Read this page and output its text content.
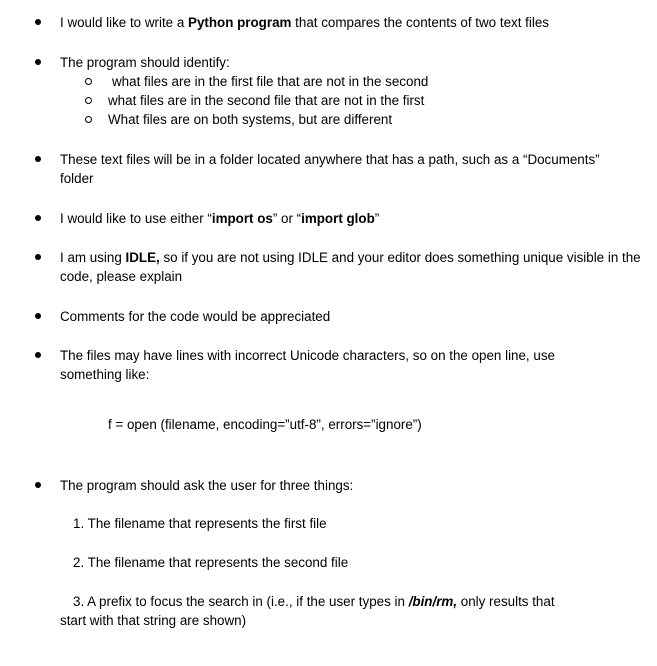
I would like to write a Python program that compares the contents of two text files
The program should identify:
what files are in the first file that are not in the second
what files are in the second file that are not in the first
What files are on both systems, but are different
These text files will be in a folder located anywhere that has a path, such as a “Documents”
folder
I would like to use either “import os” or “import glob”
I am using IDLE, so if you are not using IDLE and your editor does something unique visible in the
code, please explain
Comments for the code would be appreciated
The files may have lines with incorrect Unicode characters, so on the open line, use
something like:
f = open (filename, encoding=”utf-8”, errors=”ignore”)
The program should ask the user for three things:
1. The filename that represents the first file
2. The filename that represents the second file
3. A prefix to focus the search in (i.e., if the user types in /bin/rm, only results that
start with that string are shown)
